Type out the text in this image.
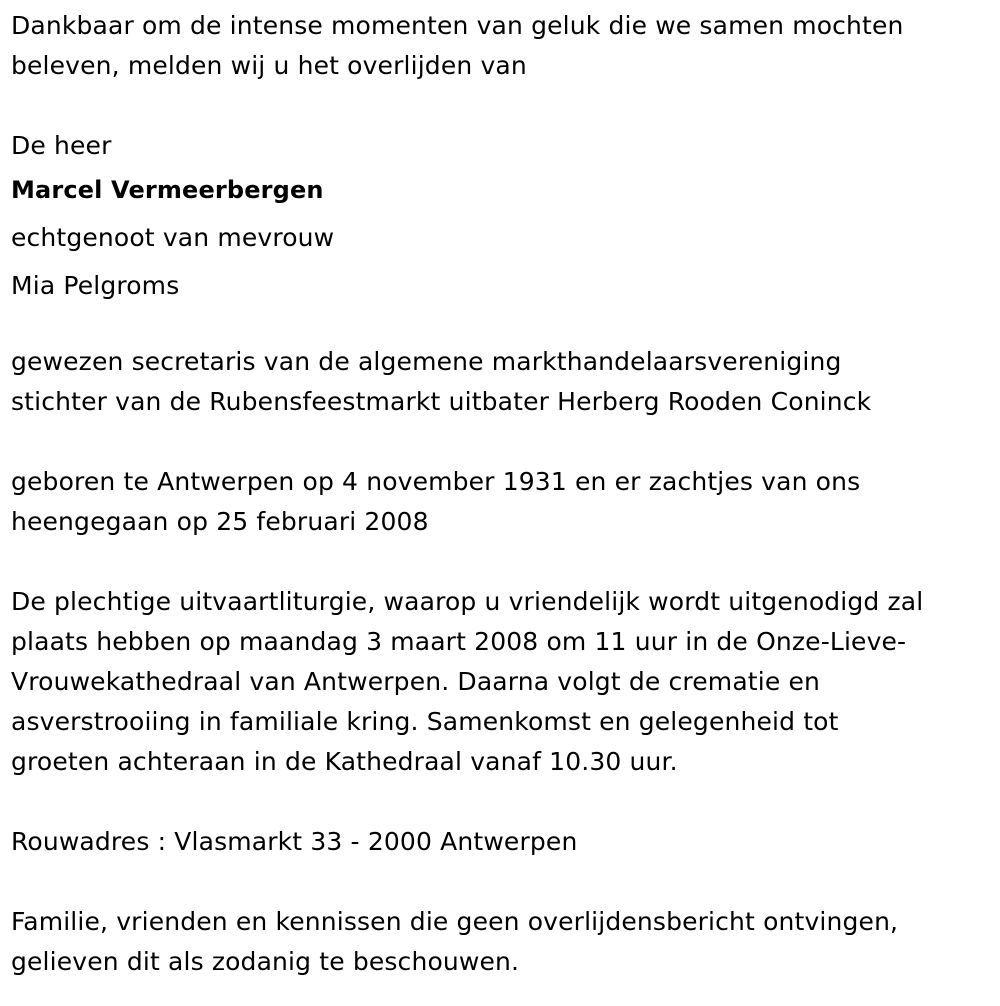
Dankbaar om de intense momenten van geluk die we samen mochten
beleven, melden wij u het overlijden van
De heer
Marcel Vermeerbergen
echtgenoot van mevrouw
Mia Pelgroms
gewezen secretaris van de algemene markthandelaarsvereniging
stichter van de Rubensfeestmarkt uitbater Herberg Rooden Coninck
geboren te Antwerpen op 4 november 1931 en er zachtjes van ons
heengegaan op 25 februari 2008
De plechtige uitvaartliturgie, waarop u vriendelijk wordt uitgenodigd zal
plaats hebben op maandag 3 maart 2008 om 11 uur in de Onze-Lieve-
Vrouwekathedraal van Antwerpen. Daarna volgt de crematie en
asverstrooiing in familiale kring. Samenkomst en gelegenheid tot
groeten achteraan in de Kathedraal vanaf 10.30 uur.
Rouwadres : Vlasmarkt 33 - 2000 Antwerpen
Familie, vrienden en kennissen die geen overlijdensbericht ontvingen,
gelieven dit als zodanig te beschouwen.
